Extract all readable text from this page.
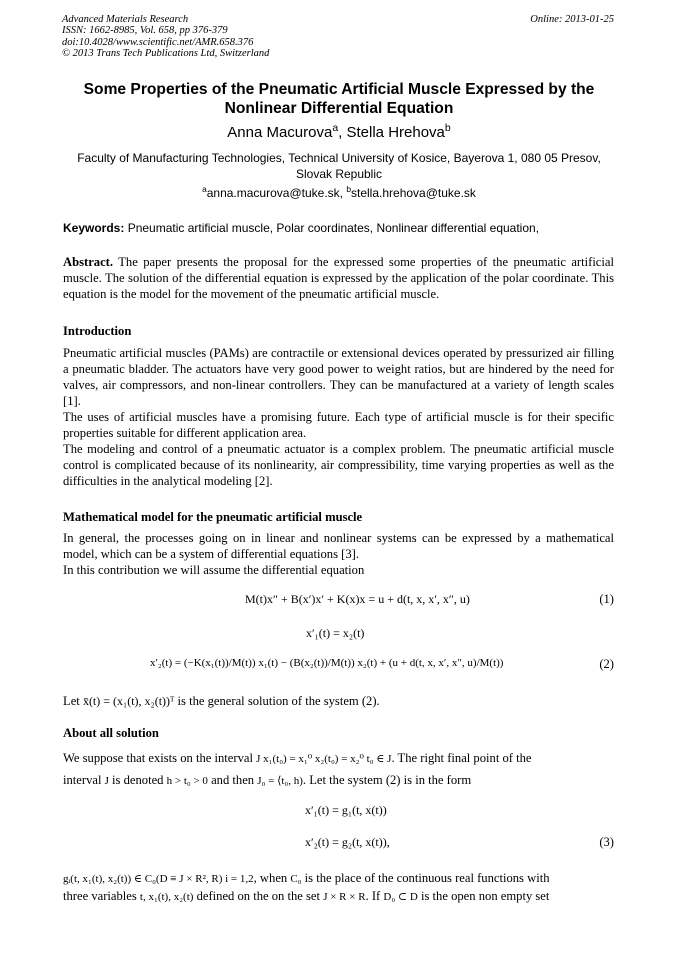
Advanced Materials Research
ISSN: 1662-8985, Vol. 658, pp 376-379
doi:10.4028/www.scientific.net/AMR.658.376
© 2013 Trans Tech Publications Ltd, Switzerland
Online: 2013-01-25
Some Properties of the Pneumatic Artificial Muscle Expressed by the Nonlinear Differential Equation
Anna Macurova$^a$, Stella Hrehova$^b$
Faculty of Manufacturing Technologies, Technical University of Kosice, Bayerova 1, 080 05 Presov, Slovak Republic
$^a$anna.macurova@tuke.sk, $^b$stella.hrehova@tuke.sk
Keywords: Pneumatic artificial muscle, Polar coordinates, Nonlinear differential equation,
Abstract. The paper presents the proposal for the expressed some properties of the pneumatic artificial muscle. The solution of the differential equation is expressed by the application of the polar coordinate. This equation is the model for the movement of the pneumatic artificial muscle.
Introduction
Pneumatic artificial muscles (PAMs) are contractile or extensional devices operated by pressurized air filling a pneumatic bladder. The actuators have very good power to weight ratios, but are hindered by the need for valves, air compressors, and non-linear controllers. They can be manufactured at a variety of length scales [1].
The uses of artificial muscles have a promising future. Each type of artificial muscle is for their specific properties suitable for different application area.
The modeling and control of a pneumatic actuator is a complex problem. The pneumatic artificial muscle control is complicated because of its nonlinearity, air compressibility, time varying properties as well as the difficulties in the analytical modeling [2].
Mathematical model for the pneumatic artificial muscle
In general, the processes going on in linear and nonlinear systems can be expressed by a mathematical model, which can be a system of differential equations [3].
In this contribution we will assume the differential equation
M(t)x″ + B(x′)x′ + K(x)x = u + d(t, x, x′, x″, u)	(1)
x′₁(t) = x₂(t)
x′₂(t) = (−K(x₁(t))/M(t)) x₁(t) − (B(x₂(t))/M(t)) x₂(t) + (u + d(t, x, x′, x″, u)/M(t))	(2)
Let x̄(t) = (x₁(t), x₂(t))ᵀ is the general solution of the system (2).
About all solution
We suppose that exists on the interval J x₁(t₀) = x₁⁰ x₂(t₀) = x₂⁰ t₀ ∈ J. The right final point of the
interval J is denoted h > t₀ > 0 and then J₀ = ⟨t₀, h). Let the system (2) is in the form
x′₁(t) = g₁(t, x(t))
x′₂(t) = g₂(t, x(t)),	(3)
gᵢ(t, x₁(t), x₂(t)) ∈ C₀(D ≡ J × R², R) i = 1,2, when C₀ is the place of the continuous real functions with
three variables t, x₁(t), x₂(t) defined on the on the set J × R × R. If D₀ ⊂ D is the open non empty set
